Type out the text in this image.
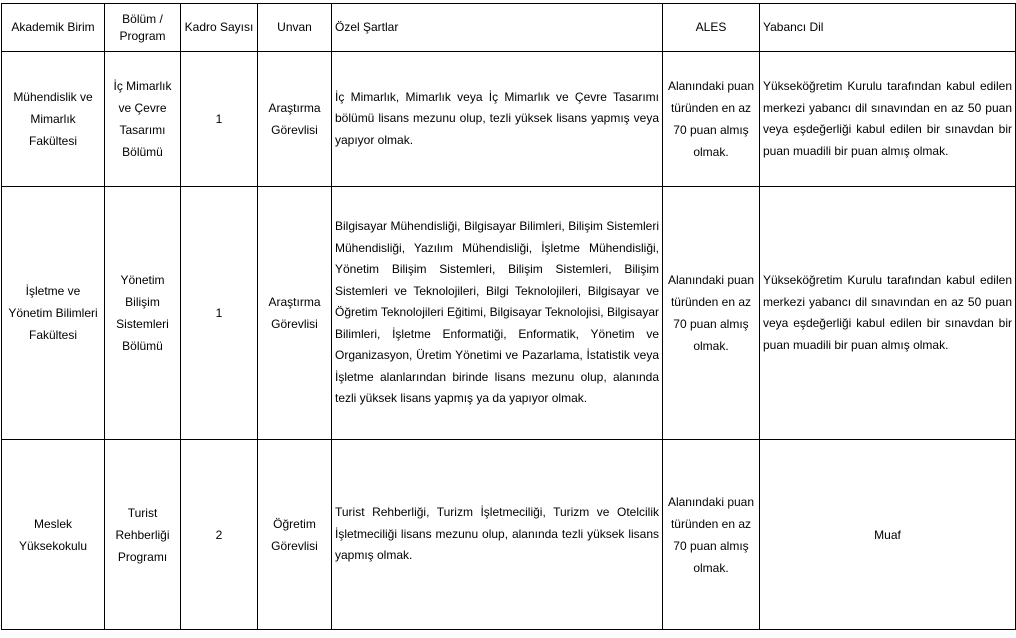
Akademik Birim	Bölüm / Program	Kadro Sayısı	Unvan	Özel Şartlar	ALES	Yabancı Dil
Mühendislik ve Mimarlık Fakültesi	İç Mimarlık ve Çevre Tasarımı Bölümü	1	Araştırma Görevlisi	İç Mimarlık, Mimarlık veya İç Mimarlık ve Çevre Tasarımı bölümü lisans mezunu olup, tezli yüksek lisans yapmış veya yapıyor olmak.	Alanındaki puan türünden en az 70 puan almış olmak.	Yükseköğretim Kurulu tarafından kabul edilen merkezi yabancı dil sınavından en az 50 puan veya eşdeğerliği kabul edilen bir sınavdan bir puan muadili bir puan almış olmak.
İşletme ve Yönetim Bilimleri Fakültesi	Yönetim Bilişim Sistemleri Bölümü	1	Araştırma Görevlisi	Bilgisayar Mühendisliği, Bilgisayar Bilimleri, Bilişim Sistemleri Mühendisliği, Yazılım Mühendisliği, İşletme Mühendisliği, Yönetim Bilişim Sistemleri, Bilişim Sistemleri, Bilişim Sistemleri ve Teknolojileri, Bilgi Teknolojileri, Bilgisayar ve Öğretim Teknolojileri Eğitimi, Bilgisayar Teknolojisi, Bilgisayar Bilimleri, İşletme Enformatiği, Enformatik, Yönetim ve Organizasyon, Üretim Yönetimi ve Pazarlama, İstatistik veya İşletme alanlarından birinde lisans mezunu olup, alanında tezli yüksek lisans yapmış ya da yapıyor olmak.	Alanındaki puan türünden en az 70 puan almış olmak.	Yükseköğretim Kurulu tarafından kabul edilen merkezi yabancı dil sınavından en az 50 puan veya eşdeğerliği kabul edilen bir sınavdan bir puan muadili bir puan almış olmak.
Meslek Yüksekokulu	Turist Rehberliği Programı	2	Öğretim Görevlisi	Turist Rehberliği, Turizm İşletmeciliği, Turizm ve Otelcilik İşletmeciliği lisans mezunu olup, alanında tezli yüksek lisans yapmış olmak.	Alanındaki puan türünden en az 70 puan almış olmak.	Muaf
